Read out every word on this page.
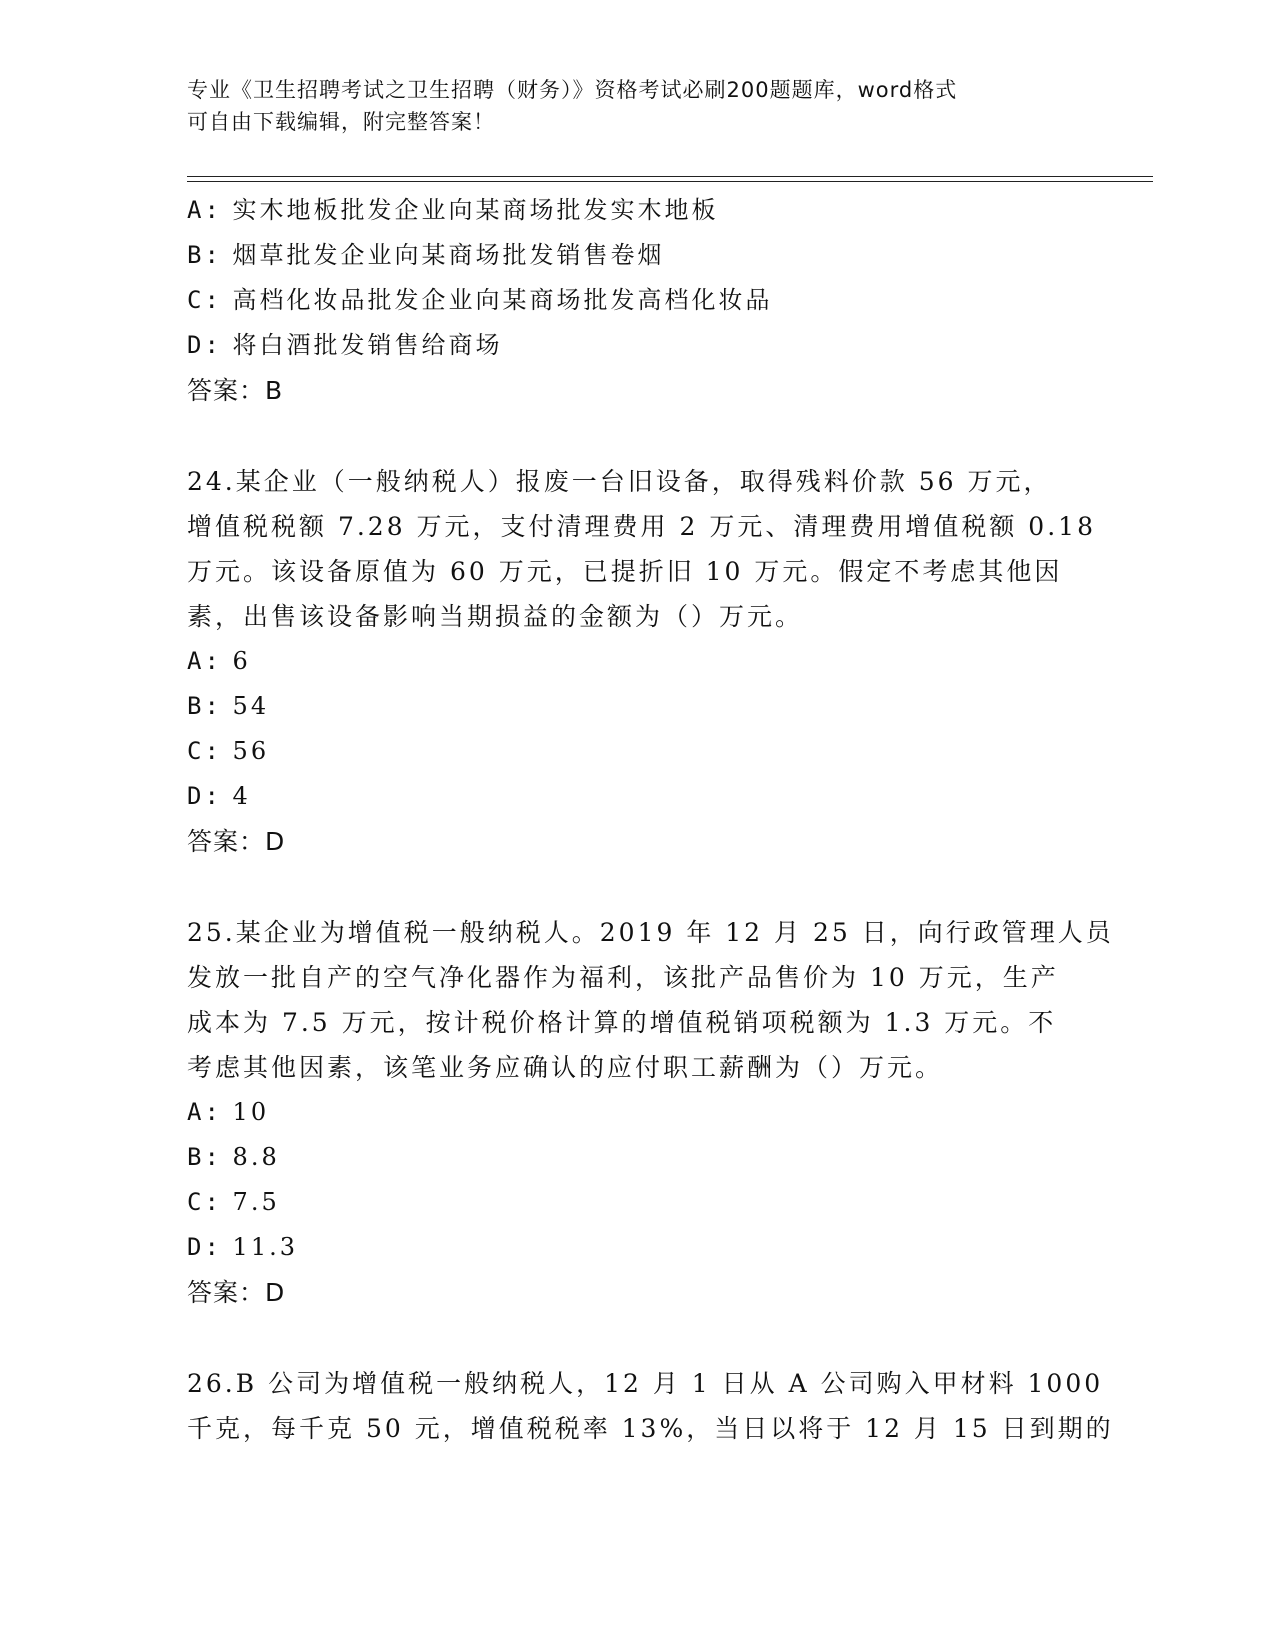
专业《卫生招聘考试之卫生招聘（财务）》资格考试必刷200题题库，word格式
可自由下载编辑，附完整答案！
A: 实木地板批发企业向某商场批发实木地板
B: 烟草批发企业向某商场批发销售卷烟
C: 高档化妆品批发企业向某商场批发高档化妆品
D: 将白酒批发销售给商场
答案：B
24.某企业（一般纳税人）报废一台旧设备，取得残料价款 56 万元，
增值税税额 7.28 万元，支付清理费用 2 万元、清理费用增值税额 0.18
万元。该设备原值为 60 万元，已提折旧 10 万元。假定不考虑其他因
素，出售该设备影响当期损益的金额为（）万元。
A: 6
B: 54
C: 56
D: 4
答案：D
25.某企业为增值税一般纳税人。2019 年 12 月 25 日，向行政管理人员
发放一批自产的空气净化器作为福利，该批产品售价为 10 万元，生产
成本为 7.5 万元，按计税价格计算的增值税销项税额为 1.3 万元。不
考虑其他因素，该笔业务应确认的应付职工薪酬为（）万元。
A: 10
B: 8.8
C: 7.5
D: 11.3
答案：D
26.B 公司为增值税一般纳税人，12 月 1 日从 A 公司购入甲材料 1000
千克，每千克 50 元，增值税税率 13%，当日以将于 12 月 15 日到期的
